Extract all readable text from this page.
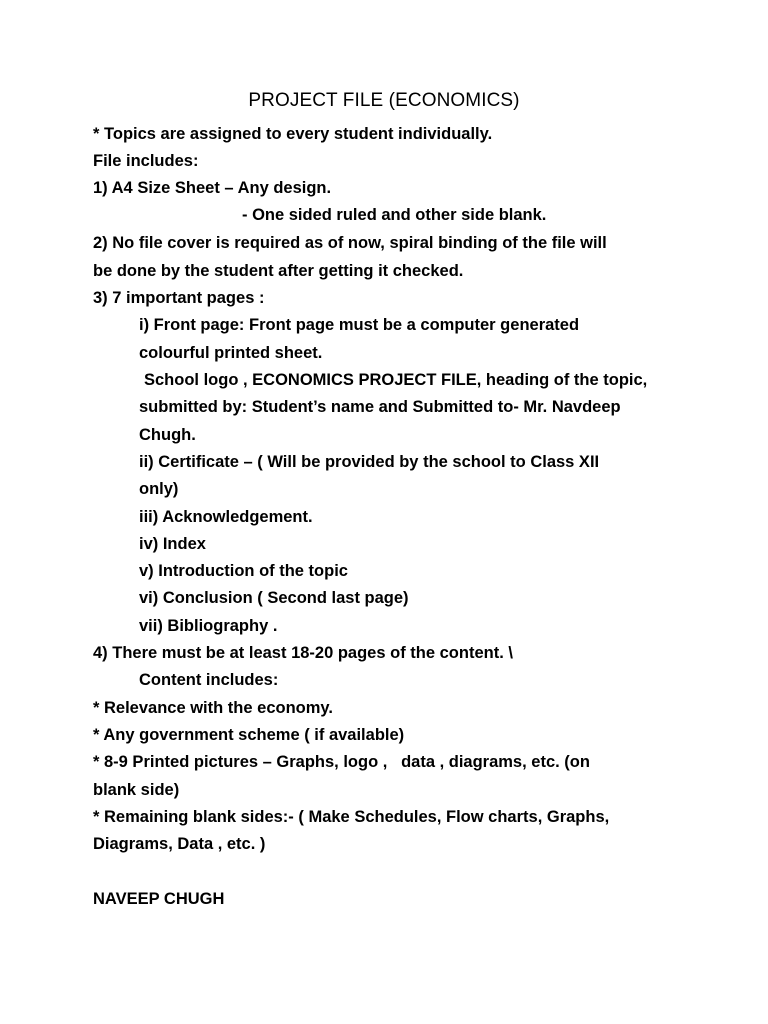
PROJECT FILE (ECONOMICS)
* Topics are assigned to every student individually.
File includes:
1) A4 Size Sheet – Any design.
- One sided ruled and other side blank.
2) No file cover is required as of now, spiral binding of the file will
be done by the student after getting it checked.
3) 7 important pages :
i) Front page: Front page must be a computer generated
colourful printed sheet.
School logo , ECONOMICS PROJECT FILE, heading of the topic,
submitted by: Student’s name and Submitted to- Mr. Navdeep
Chugh.
ii) Certificate – ( Will be provided by the school to Class XII
only)
iii) Acknowledgement.
iv) Index
v) Introduction of the topic
vi) Conclusion ( Second last page)
vii) Bibliography .
4) There must be at least 18-20 pages of the content. \
Content includes:
* Relevance with the economy.
* Any government scheme ( if available)
* 8-9 Printed pictures – Graphs, logo ,   data , diagrams, etc. (on
blank side)
* Remaining blank sides:- ( Make Schedules, Flow charts, Graphs,
Diagrams, Data , etc. )
NAVEEP CHUGH
